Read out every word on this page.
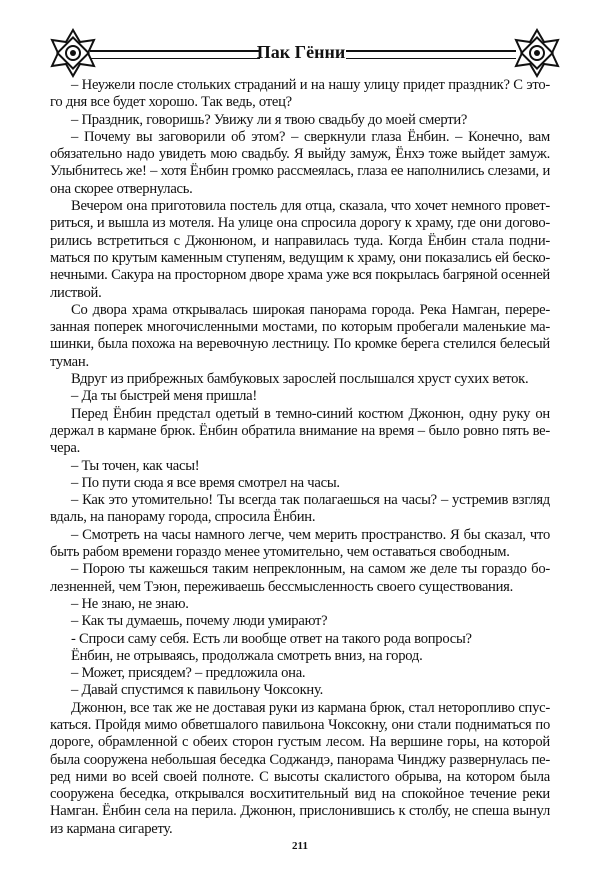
Пак Гённи
– Неужели после стольких страданий и на нашу улицу придет праздник? С это-
го дня все будет хорошо. Так ведь, отец?
– Праздник, говоришь? Увижу ли я твою свадьбу до моей смерти?
– Почему вы заговорили об этом? – сверкнули глаза Ёнбин. – Конечно, вам
обязательно надо увидеть мою свадьбу. Я выйду замуж, Ёнхэ тоже выйдет замуж.
Улыбнитесь же! – хотя Ёнбин громко рассмеялась, глаза ее наполнились слезами, и
она скорее отвернулась.
Вечером она приготовила постель для отца, сказала, что хочет немного провет-
риться, и вышла из мотеля. На улице она спросила дорогу к храму, где они догово-
рились встретиться с Джонюном, и направилась туда. Когда Ёнбин стала подни-
маться по крутым каменным ступеням, ведущим к храму, они показались ей беско-
нечными. Сакура на просторном дворе храма уже вся покрылась багряной осенней
листвой.
Со двора храма открывалась широкая панорама города. Река Намган, перере-
занная поперек многочисленными мостами, по которым пробегали маленькие ма-
шинки, была похожа на веревочную лестницу. По кромке берега стелился белесый
туман.
Вдруг из прибрежных бамбуковых зарослей послышался хруст сухих веток.
– Да ты быстрей меня пришла!
Перед Ёнбин предстал одетый в темно-синий костюм Джонюн, одну руку он
держал в кармане брюк. Ёнбин обратила внимание на время – было ровно пять ве-
чера.
– Ты точен, как часы!
– По пути сюда я все время смотрел на часы.
– Как это утомительно! Ты всегда так полагаешься на часы? – устремив взгляд
вдаль, на панораму города, спросила Ёнбин.
– Смотреть на часы намного легче, чем мерить пространство. Я бы сказал, что
быть рабом времени гораздо менее утомительно, чем оставаться свободным.
– Порою ты кажешься таким непреклонным, на самом же деле ты гораздо бо-
лезненней, чем Тэюн, переживаешь бессмысленность своего существования.
– Не знаю, не знаю.
– Как ты думаешь, почему люди умирают?
- Спроси саму себя. Есть ли вообще ответ на такого рода вопросы?
Ёнбин, не отрываясь, продолжала смотреть вниз, на город.
– Может, присядем? – предложила она.
– Давай спустимся к павильону Чоксокну.
Джонюн, все так же не доставая руки из кармана брюк, стал неторопливо спус-
каться. Пройдя мимо обветшалого павильона Чоксокну, они стали подниматься по
дороге, обрамленной с обеих сторон густым лесом. На вершине горы, на которой
была сооружена небольшая беседка Соджандэ, панорама Чинджу развернулась пе-
ред ними во всей своей полноте. С высоты скалистого обрыва, на котором была
сооружена беседка, открывался восхитительный вид на спокойное течение реки
Намган. Ёнбин села на перила. Джонюн, прислонившись к столбу, не спеша вынул
из кармана сигарету.
211
